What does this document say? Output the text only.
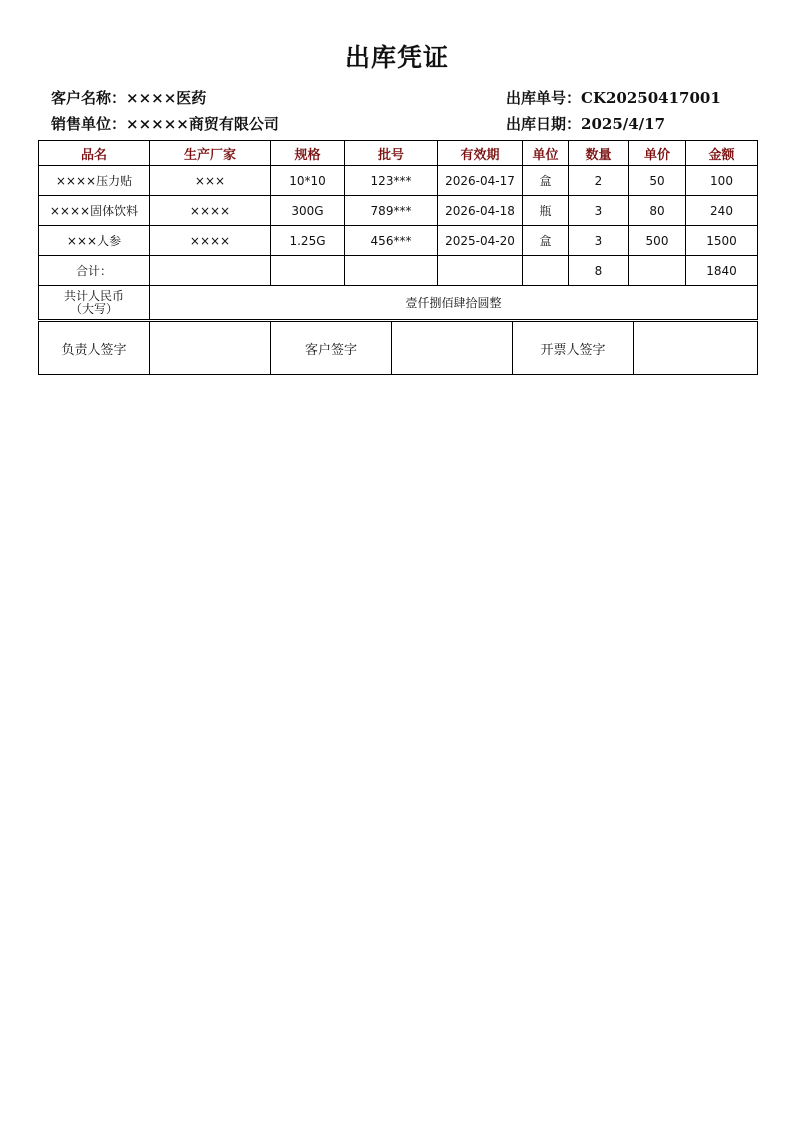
出库凭证
客户名称：××××医药
销售单位：×××××商贸有限公司
出库单号：CK20250417001
出库日期：2025/4/17
品名	生产厂家	规格	批号	有效期	单位	数量	单价	金额
××××压力贴	×××	10*10	123***	2026-04-17	盒	2	50	100
××××固体饮料	××××	300G	789***	2026-04-18	瓶	3	80	240
×××人参	××××	1.25G	456***	2025-04-20	盒	3	500	1500
合计：						8		1840

共计人民币
（大写）	壹仟捌佰肆拾圆整							
负责人签字		客户签字		开票人签字	
